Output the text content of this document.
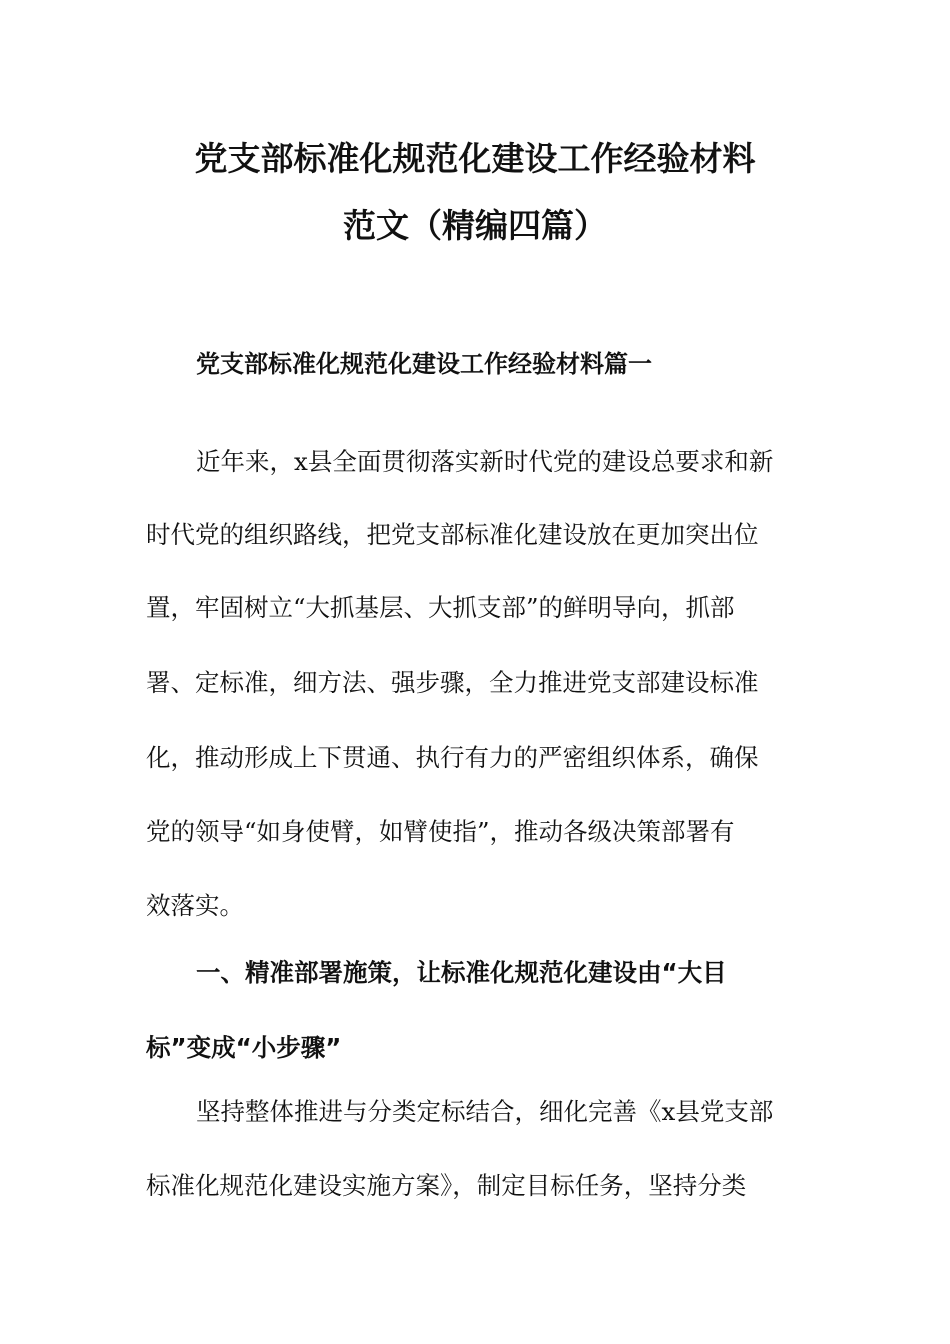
党支部标准化规范化建设工作经验材料
范文（精编四篇）
党支部标准化规范化建设工作经验材料篇一
近年来，x县全面贯彻落实新时代党的建设总要求和新
时代党的组织路线，把党支部标准化建设放在更加突出位
置，牢固树立“大抓基层、大抓支部”的鲜明导向，抓部
署、定标准，细方法、强步骤，全力推进党支部建设标准
化，推动形成上下贯通、执行有力的严密组织体系，确保
党的领导“如身使臂，如臂使指”，推动各级决策部署有
效落实。
一、精准部署施策，让标准化规范化建设由“大目
标”变成“小步骤”
坚持整体推进与分类定标结合，细化完善《x县党支部
标准化规范化建设实施方案》，制定目标任务，坚持分类
